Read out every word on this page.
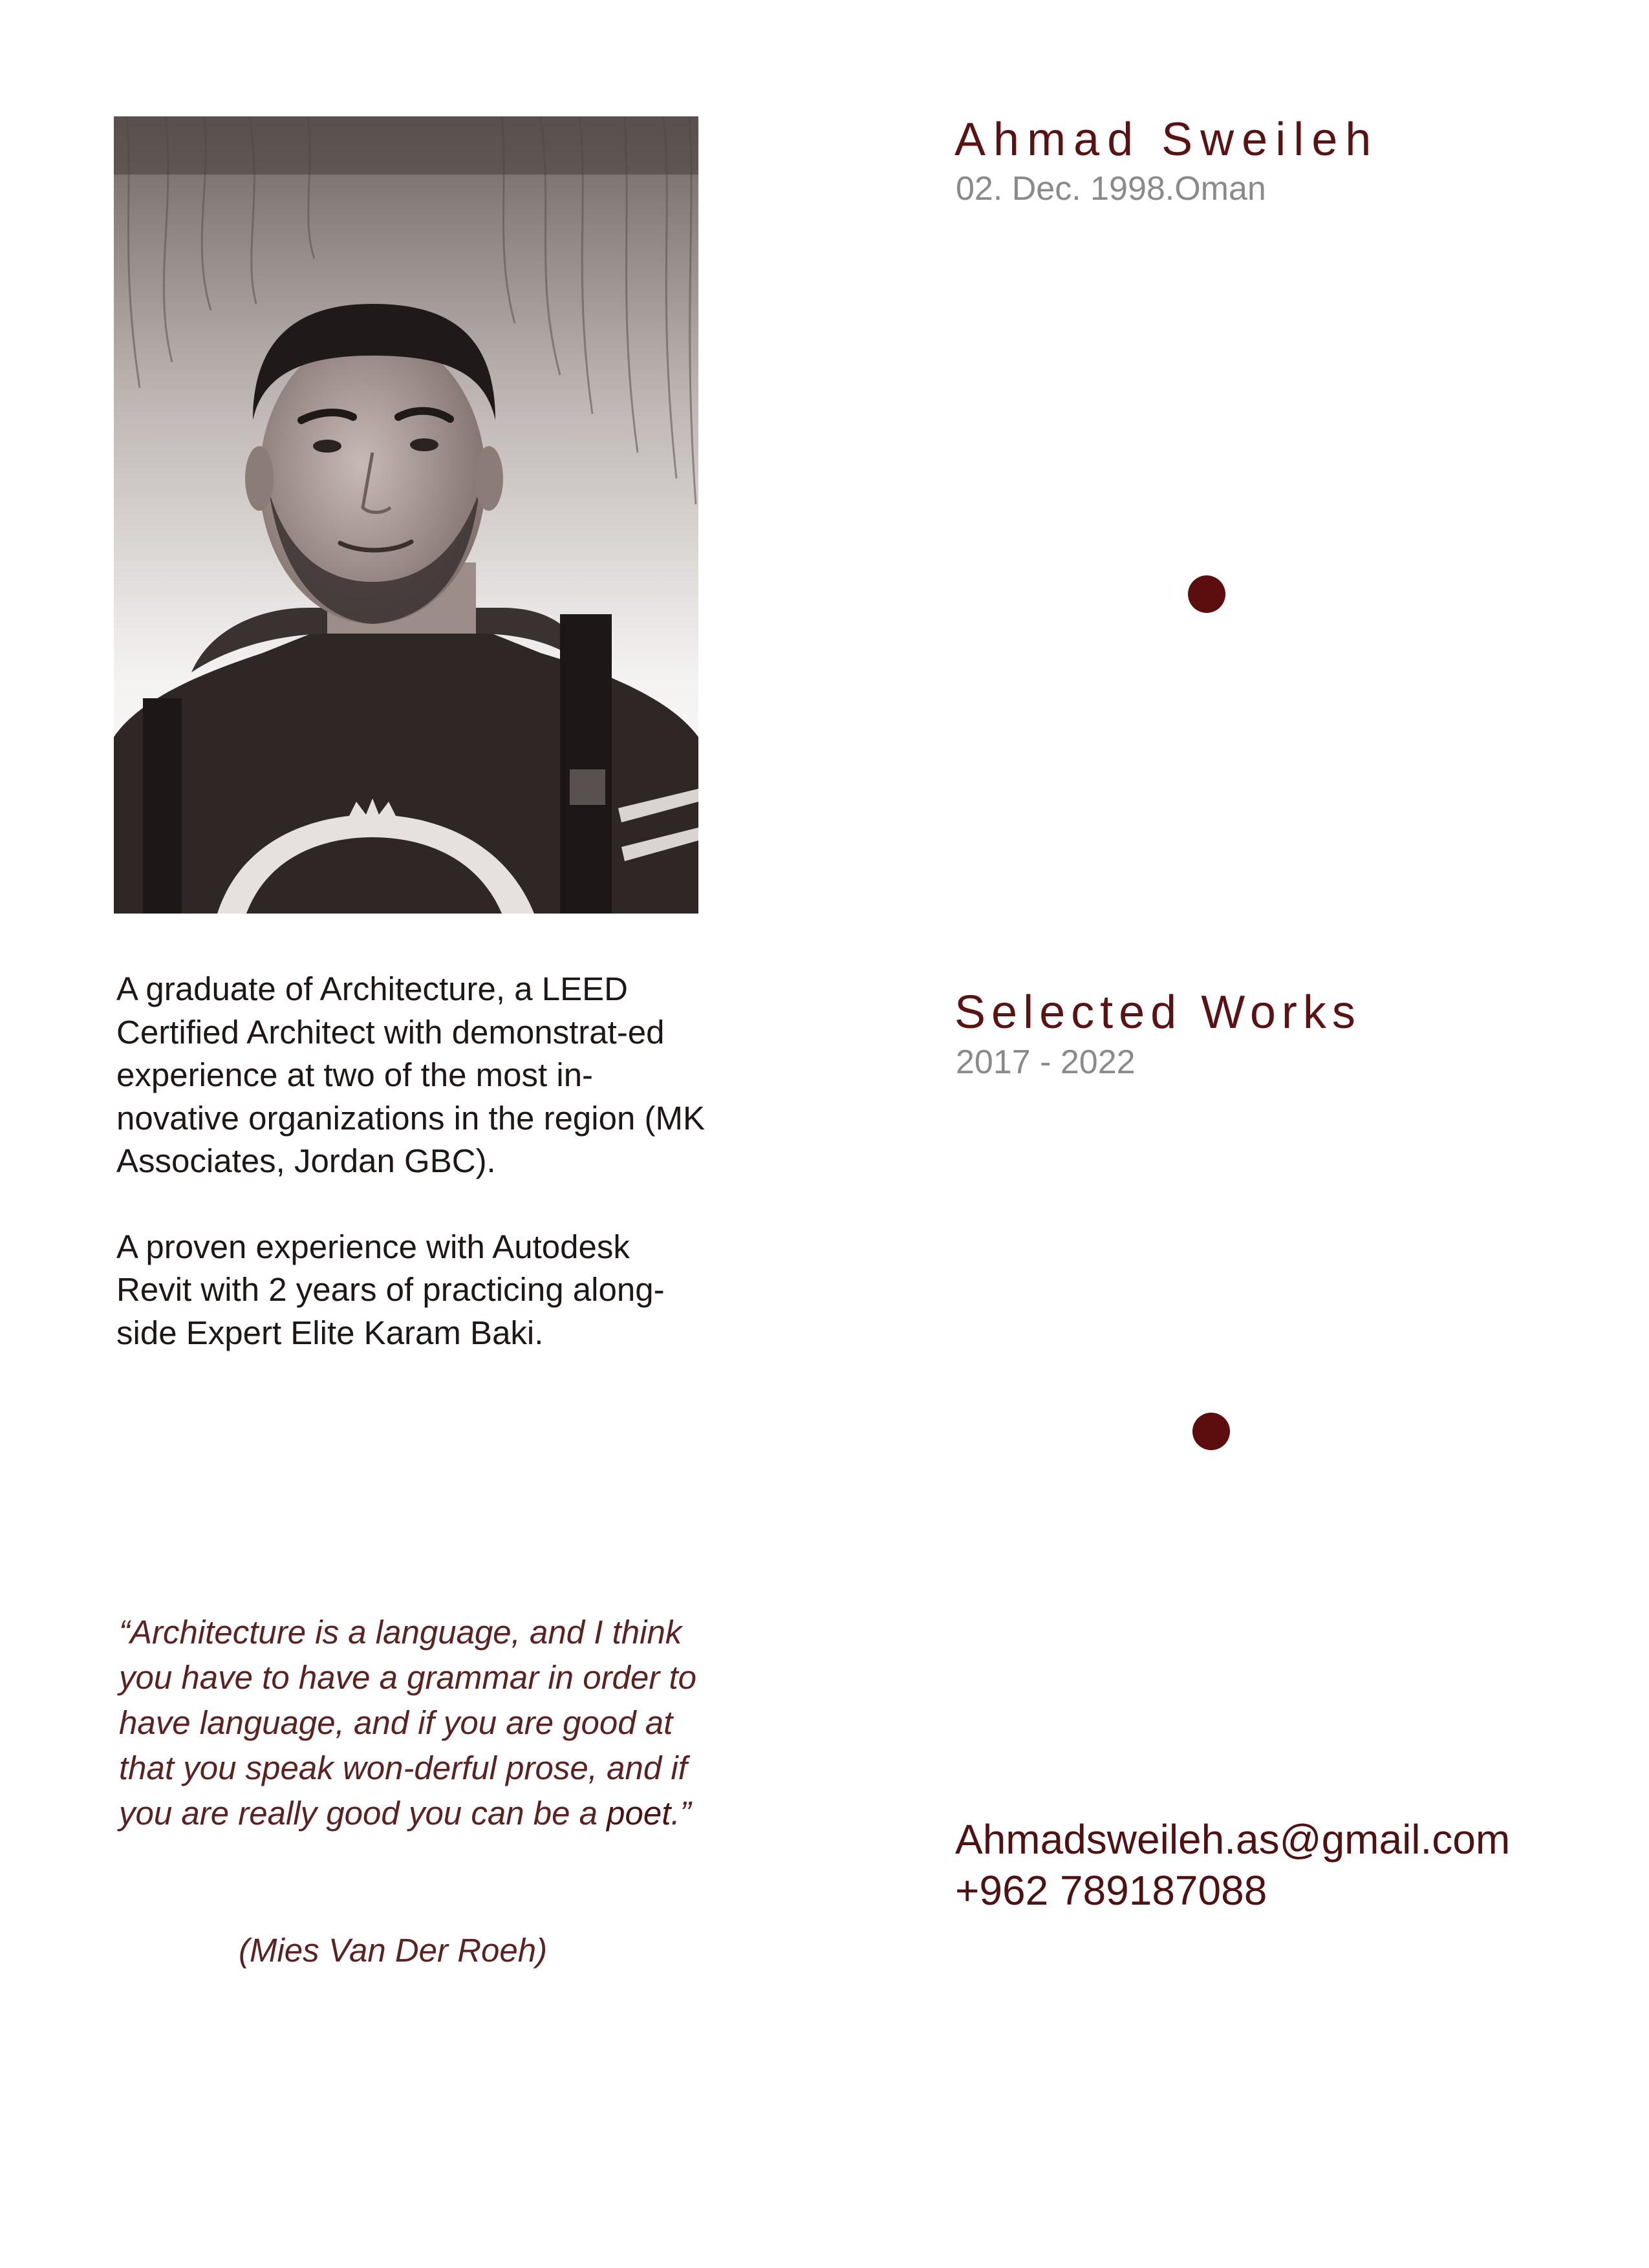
A graduate of Architecture, a LEED Certified Architect with demonstrat-ed experience at two of the most in-novative organizations in the region (MK Associates, Jordan GBC).

A proven experience with Autodesk Revit with 2 years of practicing along-side Expert Elite Karam Baki.

“Architecture is a language, and I think you have to have a grammar in order to have language, and if you are good at that you speak won-derful prose, and if you are really good you can be a poet.”

(Mies Van Der Roeh)
Ahmad Sweileh
02. Dec. 1998.Oman
Selected Works
2017 - 2022
Ahmadsweileh.as@gmail.com
+962 789187088
